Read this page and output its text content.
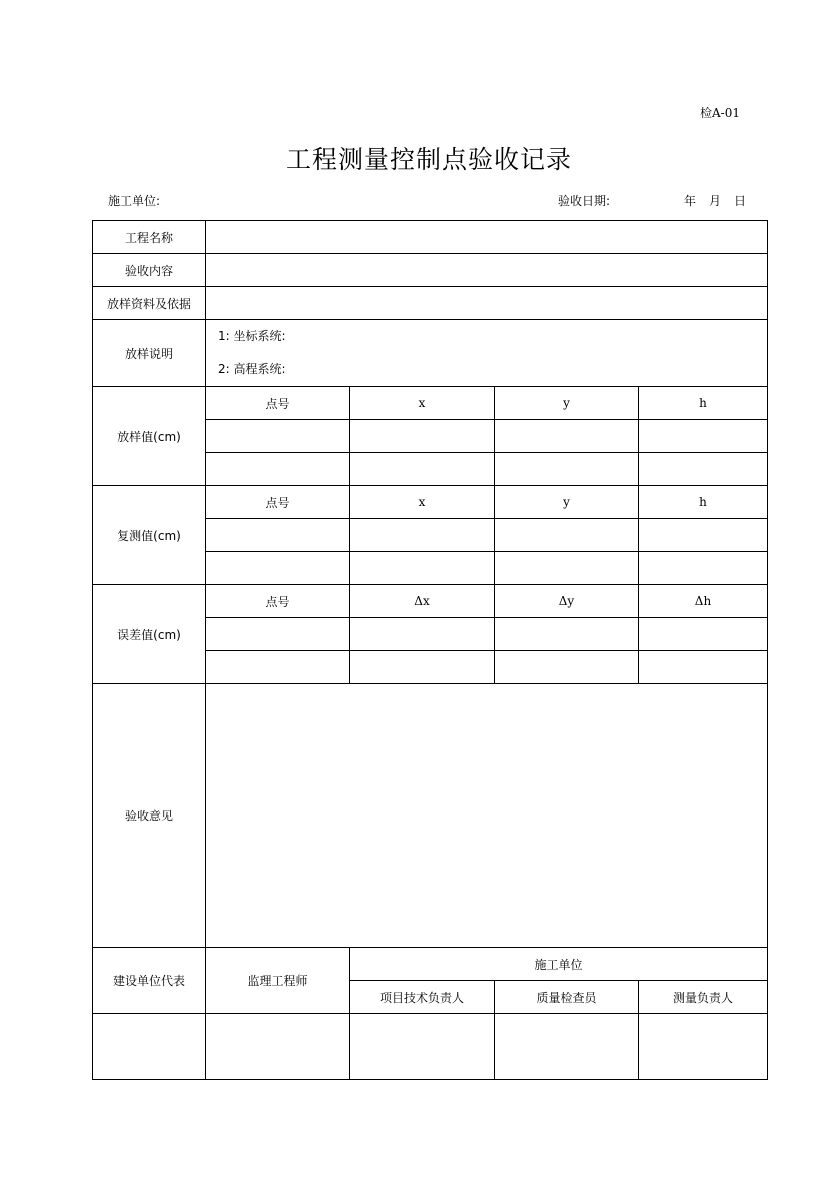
检A-01
工程测量控制点验收记录
施工单位:	验收日期:	年 月 日
工程名称				
验收内容				
放样资料及依据				
放样说明	1: 坐标系统:
2: 高程系统:			

放样值(cm)	点号	x	y	h

复测值(cm)	点号	x	y	h

误差值(cm)	点号	Δx	Δy	Δh

验收意见				
建设单位代表	监理工程师	施工单位		
		项目技术负责人	质量检查员	测量负责人
